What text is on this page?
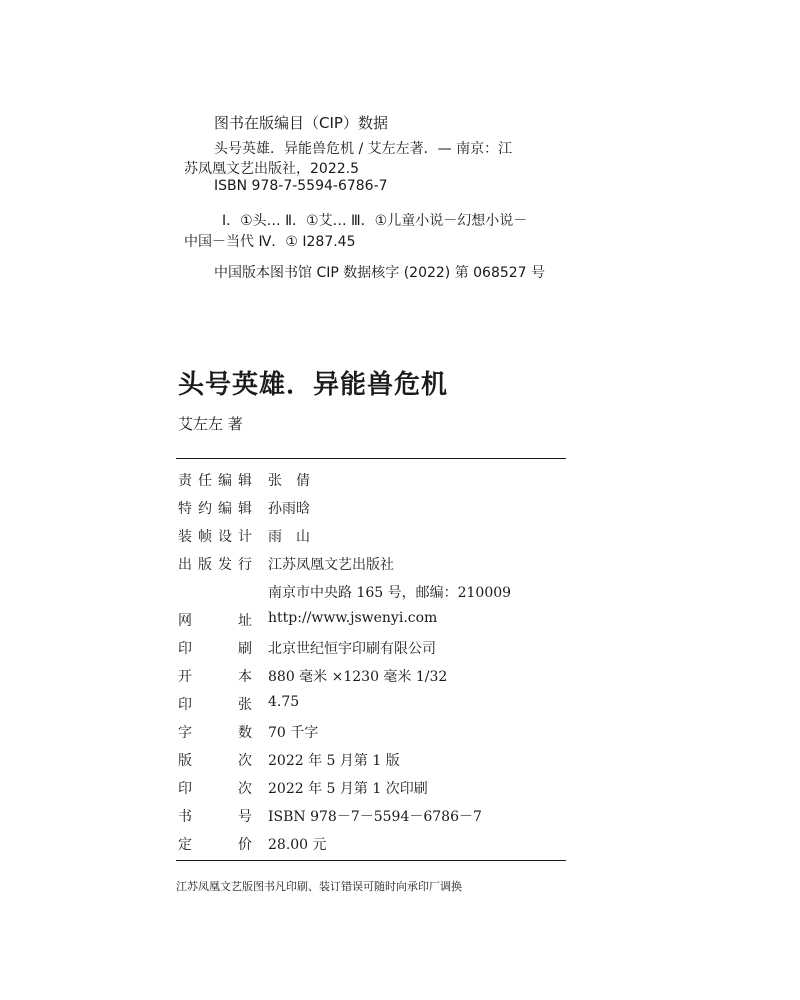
图书在版编目（CIP）数据
头号英雄．异能兽危机 / 艾左左著．— 南京：江
苏凤凰文艺出版社，2022.5
ISBN 978-7-5594-6786-7
Ⅰ．①头… Ⅱ．①艾… Ⅲ．①儿童小说－幻想小说－
中国－当代 Ⅳ．① I287.45
中国版本图书馆 CIP 数据核字 (2022) 第 068527 号
头号英雄．异能兽危机
艾左左 著
责任编辑 张　倩
特约编辑 孙雨晗
装帧设计 雨　山
出版发行 江苏凤凰文艺出版社
南京市中央路 165 号，邮编：210009
网址 http://www.jswenyi.com
印刷 北京世纪恒宇印刷有限公司
开本 880 毫米 ×1230 毫米 1/32
印张 4.75
字数 70 千字
版次 2022 年 5 月第 1 版
印次 2022 年 5 月第 1 次印刷
书号 ISBN 978－7－5594－6786－7
定价 28.00 元
江苏凤凰文艺版图书凡印刷、装订错误可随时向承印厂调换
